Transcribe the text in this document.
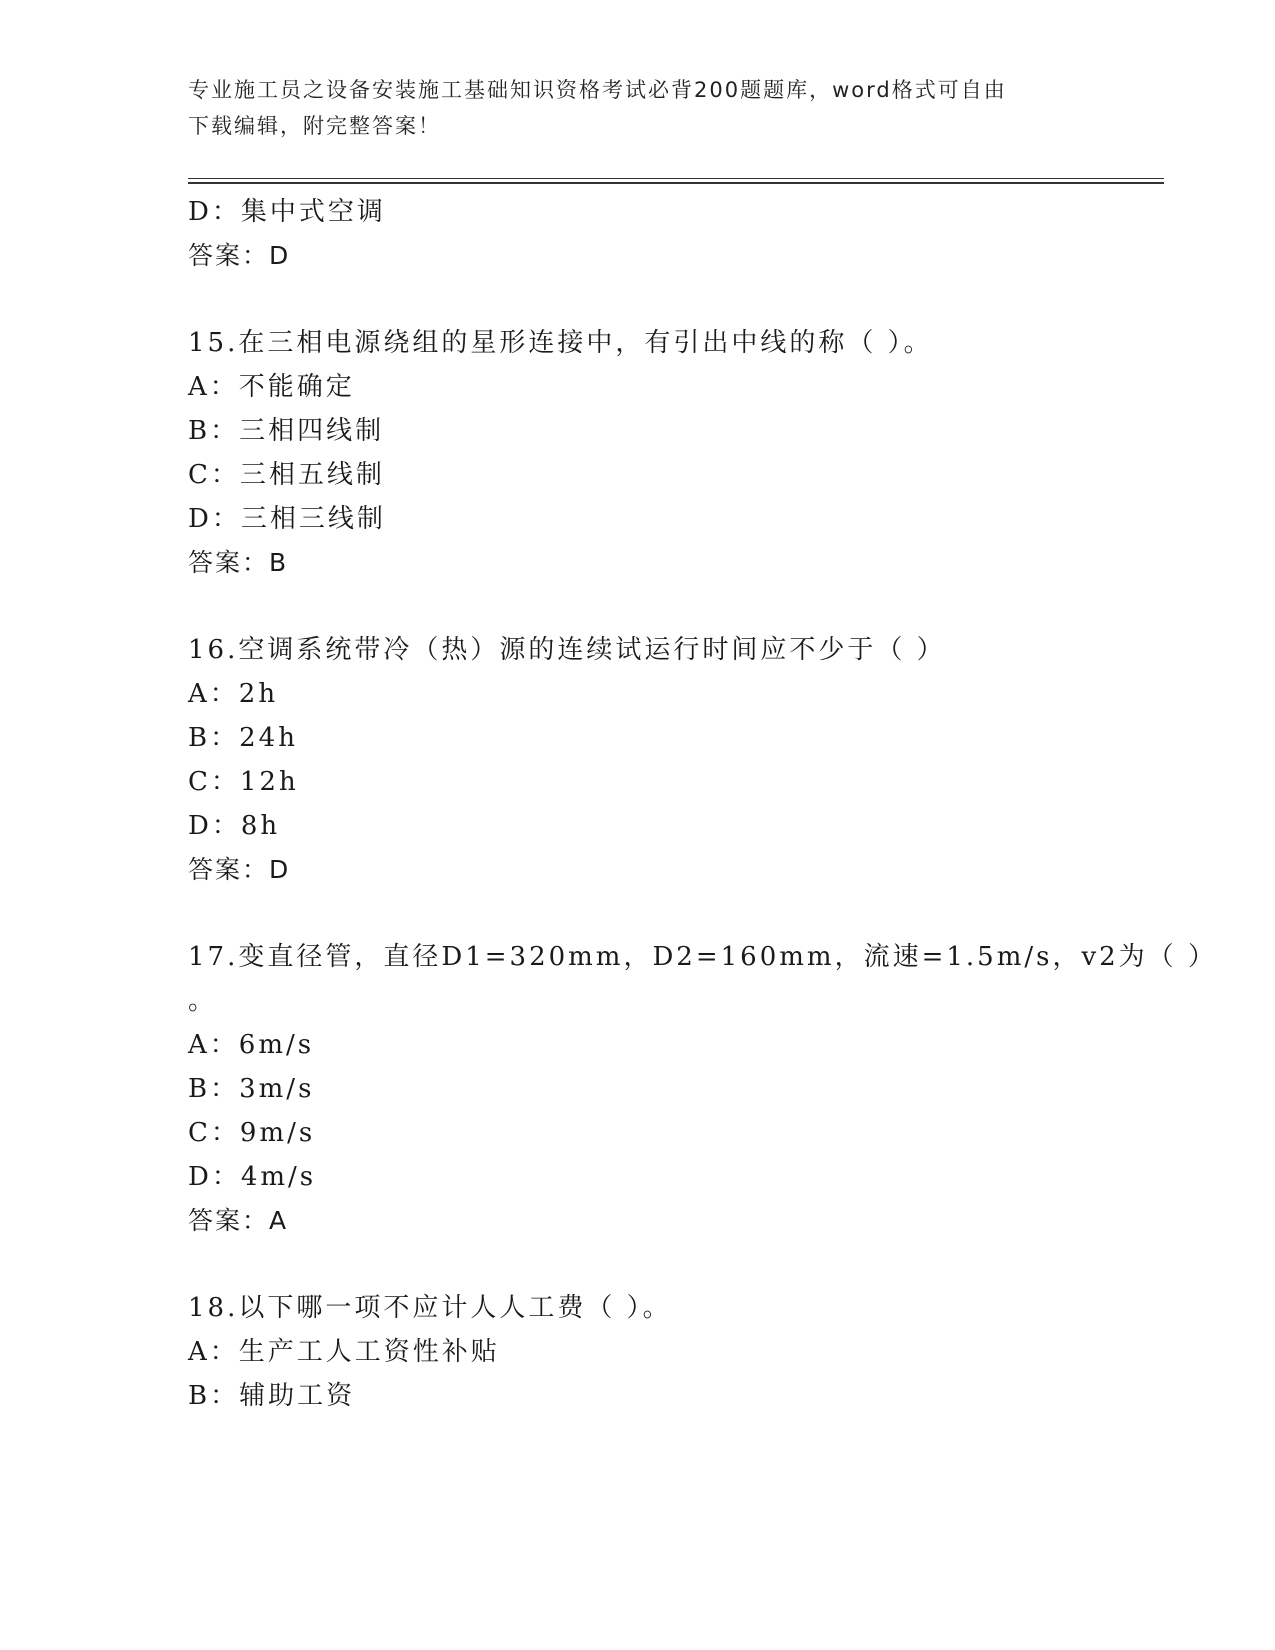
专业施工员之设备安装施工基础知识资格考试必背200题题库，word格式可自由
下载编辑，附完整答案！
D：集中式空调
答案：D
15.在三相电源绕组的星形连接中，有引出中线的称（ ）。
A：不能确定
B：三相四线制
C：三相五线制
D：三相三线制
答案：B
16.空调系统带冷（热）源的连续试运行时间应不少于（ ）
A：2h
B：24h
C：12h
D：8h
答案：D
17.变直径管，直径D1=320mm，D2=160mm，流速=1.5m/s，v2为（ ）
。
A：6m/s
B：3m/s
C：9m/s
D：4m/s
答案：A
18.以下哪一项不应计人人工费（ ）。
A：生产工人工资性补贴
B：辅助工资
